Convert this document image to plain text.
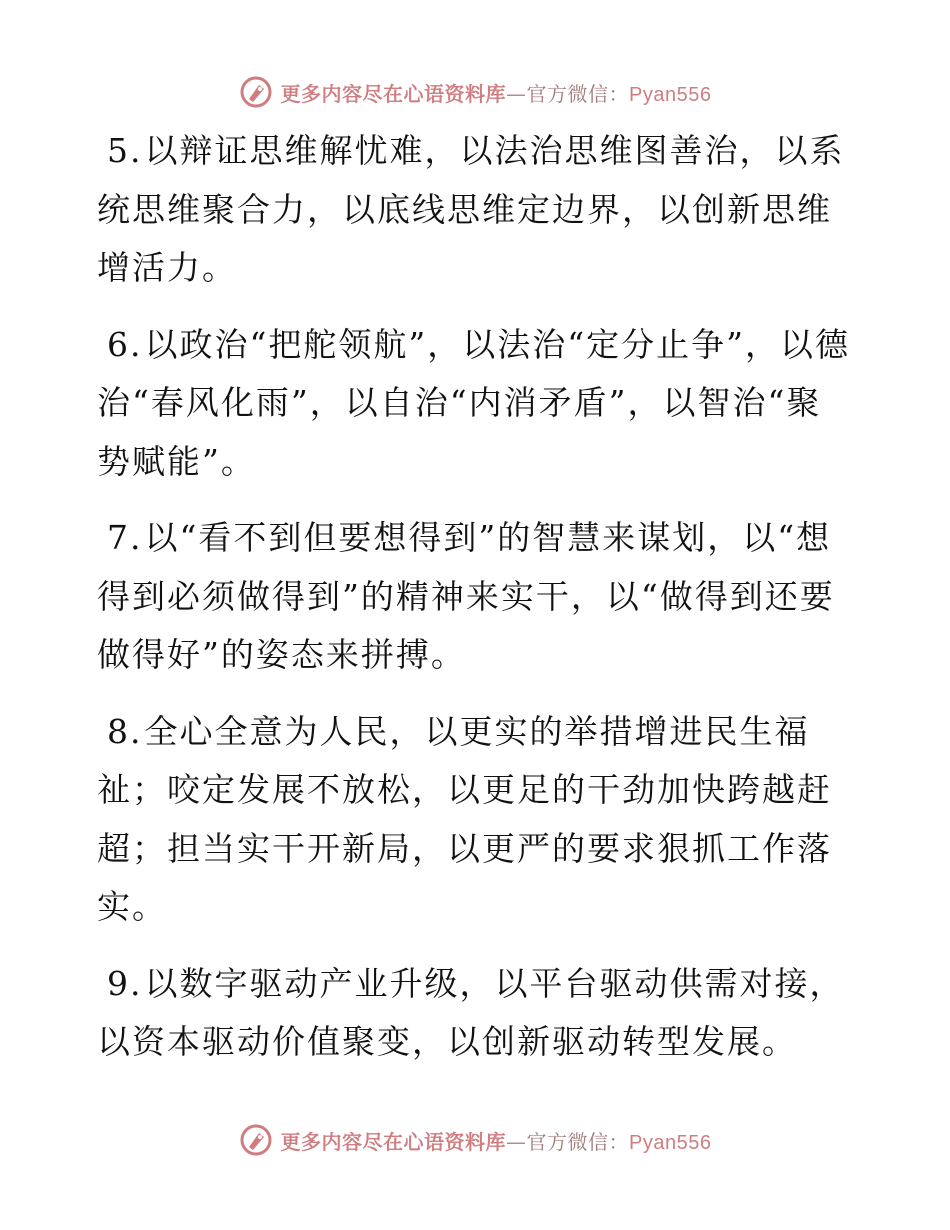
更多内容尽在心语资料库—官方微信：Pyan556

5.以辩证思维解忧难，以法治思维图善治，以系统思维聚合力，以底线思维定边界，以创新思维增活力。

6.以政治“把舵领航”，以法治“定分止争”，以德治“春风化雨”，以自治“内消矛盾”，以智治“聚势赋能”。

7.以“看不到但要想得到”的智慧来谋划，以“想得到必须做得到”的精神来实干，以“做得到还要做得好”的姿态来拼搏。

8.全心全意为人民，以更实的举措增进民生福祉；咬定发展不放松，以更足的干劲加快跨越赶超；担当实干开新局，以更严的要求狠抓工作落实。

9.以数字驱动产业升级，以平台驱动供需对接，以资本驱动价值聚变，以创新驱动转型发展。

更多内容尽在心语资料库—官方微信：Pyan556
